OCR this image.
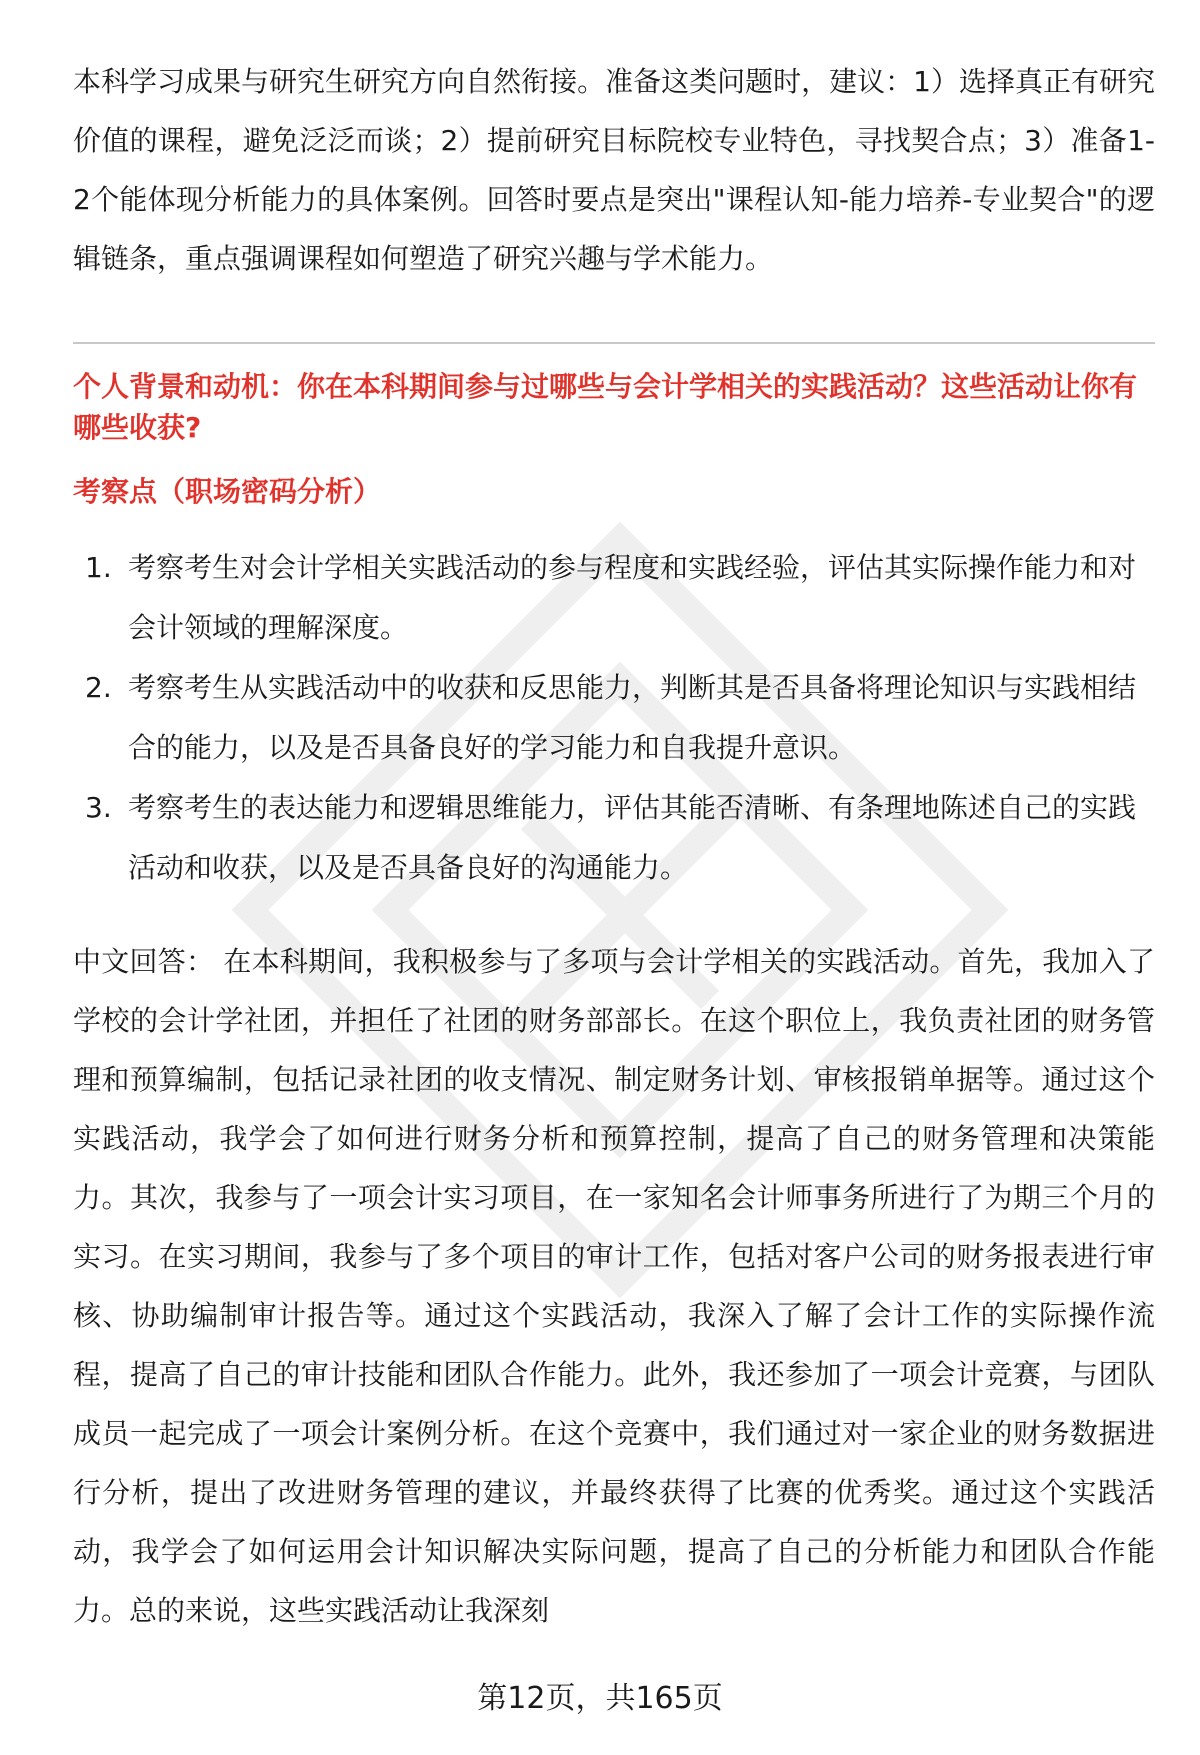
本科学习成果与研究生研究方向自然衔接。准备这类问题时，建议：1）选择真正有研究价值的课程，避免泛泛而谈；2）提前研究目标院校专业特色，寻找契合点；3）准备1-2个能体现分析能力的具体案例。回答时要点是突出"课程认知-能力培养-专业契合"的逻辑链条，重点强调课程如何塑造了研究兴趣与学术能力。

个人背景和动机：你在本科期间参与过哪些与会计学相关的实践活动？这些活动让你有哪些收获?

考察点（职场密码分析）

1. 考察考生对会计学相关实践活动的参与程度和实践经验，评估其实际操作能力和对会计领域的理解深度。
2. 考察考生从实践活动中的收获和反思能力，判断其是否具备将理论知识与实践相结合的能力，以及是否具备良好的学习能力和自我提升意识。
3. 考察考生的表达能力和逻辑思维能力，评估其能否清晰、有条理地陈述自己的实践活动和收获，以及是否具备良好的沟通能力。

中文回答： 在本科期间，我积极参与了多项与会计学相关的实践活动。首先，我加入了学校的会计学社团，并担任了社团的财务部部长。在这个职位上，我负责社团的财务管理和预算编制，包括记录社团的收支情况、制定财务计划、审核报销单据等。通过这个实践活动，我学会了如何进行财务分析和预算控制，提高了自己的财务管理和决策能力。其次，我参与了一项会计实习项目，在一家知名会计师事务所进行了为期三个月的实习。在实习期间，我参与了多个项目的审计工作，包括对客户公司的财务报表进行审核、协助编制审计报告等。通过这个实践活动，我深入了解了会计工作的实际操作流程，提高了自己的审计技能和团队合作能力。此外，我还参加了一项会计竞赛，与团队成员一起完成了一项会计案例分析。在这个竞赛中，我们通过对一家企业的财务数据进行分析，提出了改进财务管理的建议，并最终获得了比赛的优秀奖。通过这个实践活动，我学会了如何运用会计知识解决实际问题，提高了自己的分析能力和团队合作能力。总的来说，这些实践活动让我深刻

第12页，共165页
